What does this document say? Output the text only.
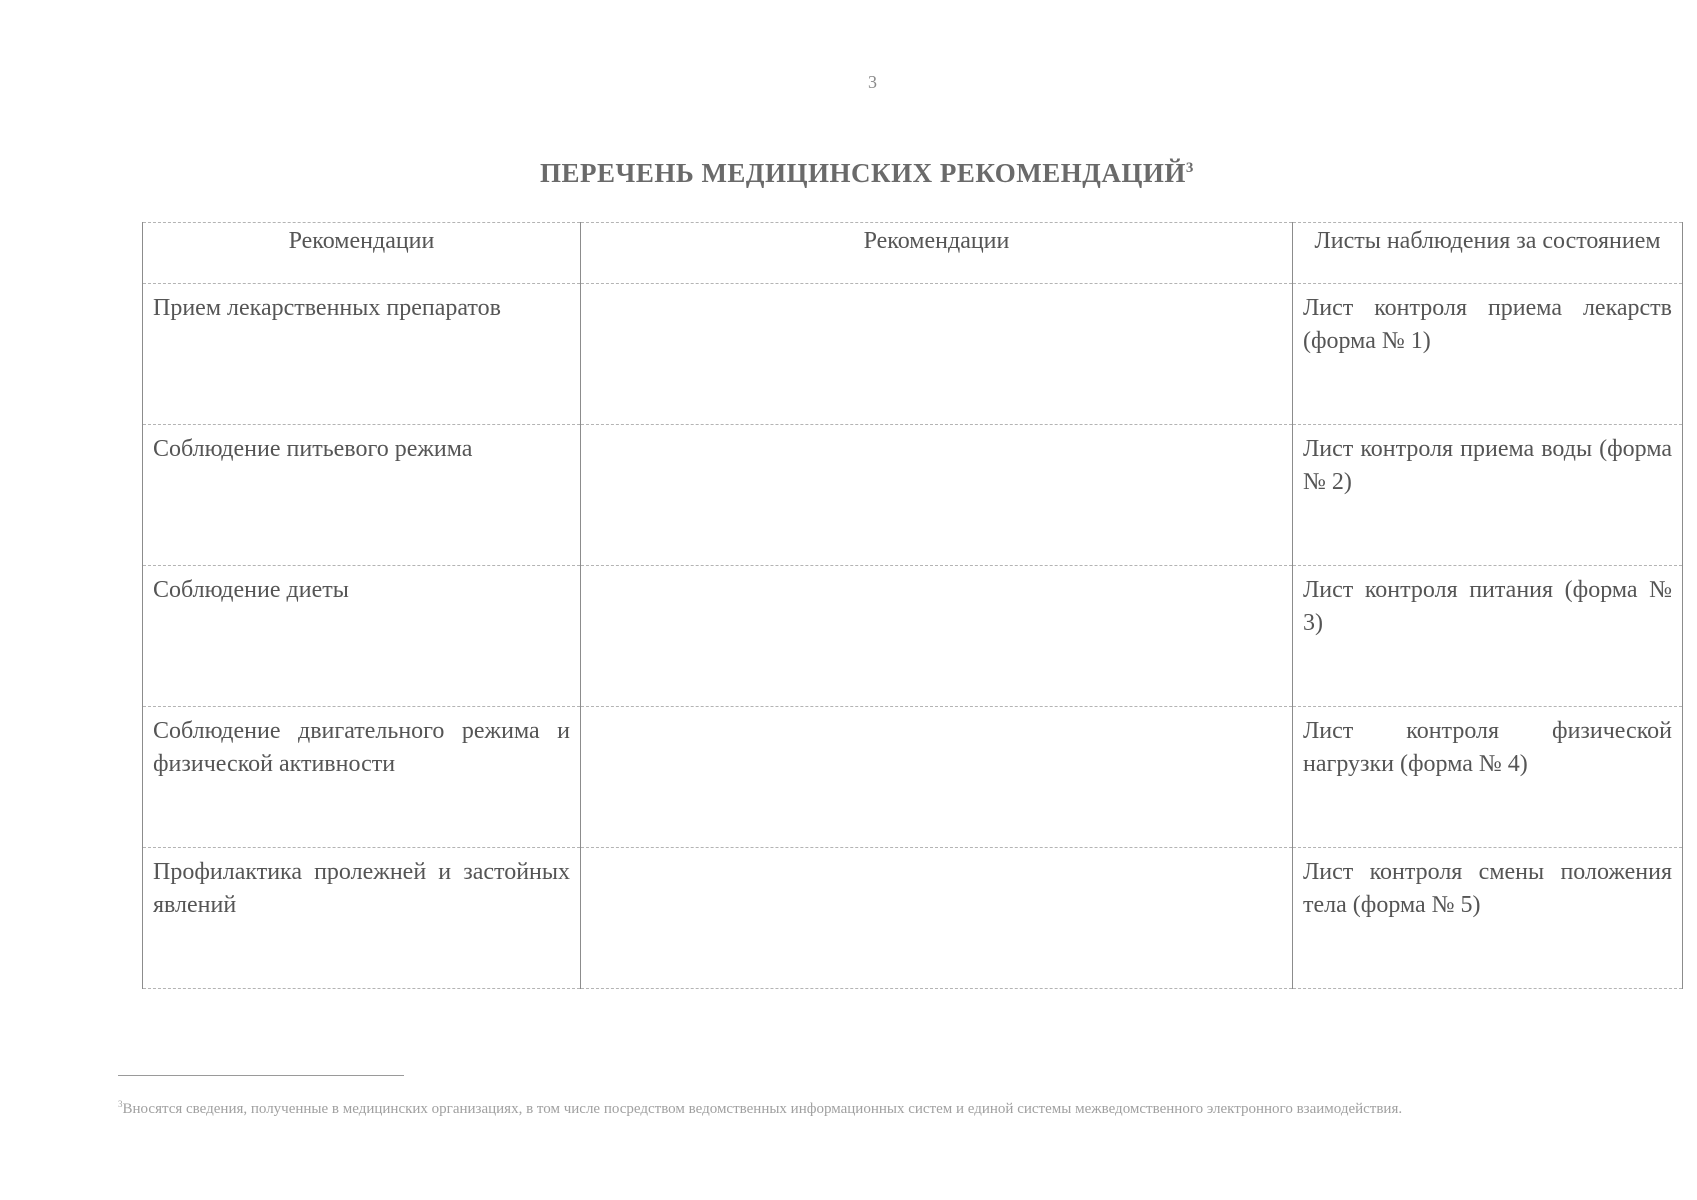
3
ПЕРЕЧЕНЬ МЕДИЦИНСКИХ РЕКОМЕНДАЦИЙ$^3$
Рекомендации	Рекомендации	Листы наблюдения за состоянием
Прием лекарственных препаратов		Лист контроля приема лекарств (форма № 1)
Соблюдение питьевого режима		Лист контроля приема воды (форма № 2)
Соблюдение диеты		Лист контроля питания (форма № 3)
Соблюдение двигательного режима и физической активности		Лист контроля физической нагрузки (форма № 4)
Профилактика пролежней и застойных явлений		Лист контроля смены положения тела (форма № 5)
$^3$Вносятся сведения, полученные в медицинских организациях, в том числе посредством ведомственных информационных систем и единой системы межведомственного электронного взаимодействия.
